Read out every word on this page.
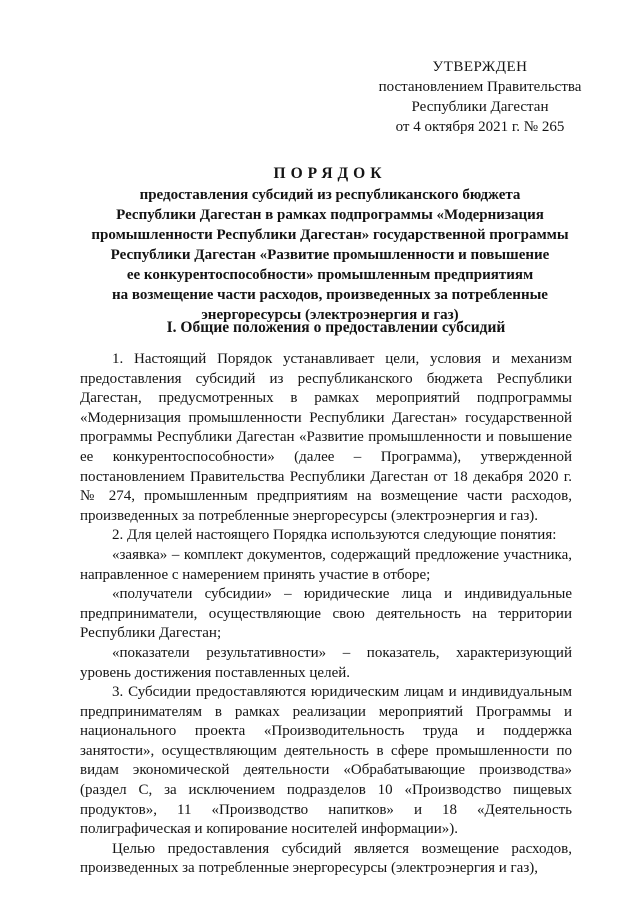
УТВЕРЖДЕН
постановлением Правительства
Республики Дагестан
от 4 октября 2021 г. № 265
ПОРЯДОК
предоставления субсидий из республиканского бюджета
Республики Дагестан в рамках подпрограммы «Модернизация
промышленности Республики Дагестан» государственной программы
Республики Дагестан «Развитие промышленности и повышение
ее конкурентоспособности» промышленным предприятиям
на возмещение части расходов, произведенных за потребленные
энергоресурсы (электроэнергия и газ)
I. Общие положения о предоставлении субсидий

1. Настоящий Порядок устанавливает цели, условия и механизм предоставления субсидий из республиканского бюджета Республики Дагестан, предусмотренных в рамках мероприятий подпрограммы «Модернизация промышленности Республики Дагестан» государственной программы Республики Дагестан «Развитие промышленности и повышение ее конкурентоспособности» (далее – Программа), утвержденной постановлением Правительства Республики Дагестан от 18 декабря 2020 г. № 274, промышленным предприятиям на возмещение части расходов, произведенных за потребленные энергоресурсы (электроэнергия и газ).

2. Для целей настоящего Порядка используются следующие понятия:

«заявка» – комплект документов, содержащий предложение участника, направленное с намерением принять участие в отборе;

«получатели субсидии» – юридические лица и индивидуальные предприниматели, осуществляющие свою деятельность на территории Республики Дагестан;

«показатели результативности» – показатель, характеризующий уровень достижения поставленных целей.

3. Субсидии предоставляются юридическим лицам и индивидуальным предпринимателям в рамках реализации мероприятий Программы и национального проекта «Производительность труда и поддержка занятости», осуществляющим деятельность в сфере промышленности по видам экономической деятельности «Обрабатывающие производства» (раздел С, за исключением подразделов 10 «Производство пищевых продуктов», 11 «Производство напитков» и 18 «Деятельность полиграфическая и копирование носителей информации»).

Целью предоставления субсидий является возмещение расходов, произведенных за потребленные энергоресурсы (электроэнергия и газ),
